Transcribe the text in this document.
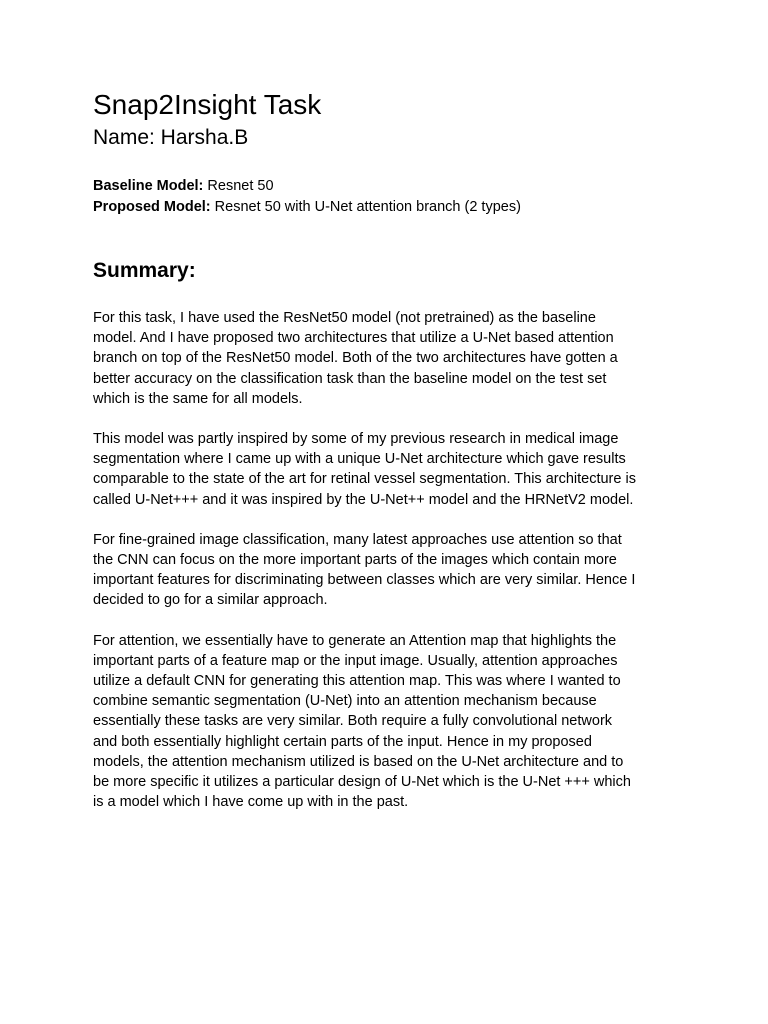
Snap2Insight Task
Name: Harsha.B
Baseline Model: Resnet 50
Proposed Model: Resnet 50 with U-Net attention branch (2 types)
Summary:

For this task, I have used the ResNet50 model (not pretrained) as the baseline
model. And I have proposed two architectures that utilize a U-Net based attention
branch on top of the ResNet50 model. Both of the two architectures have gotten a
better accuracy on the classification task than the baseline model on the test set
which is the same for all models.

This model was partly inspired by some of my previous research in medical image
segmentation where I came up with a unique U-Net architecture which gave results
comparable to the state of the art for retinal vessel segmentation. This architecture is
called U-Net+++ and it was inspired by the U-Net++ model and the HRNetV2 model.

For fine-grained image classification, many latest approaches use attention so that
the CNN can focus on the more important parts of the images which contain more
important features for discriminating between classes which are very similar. Hence I
decided to go for a similar approach.

For attention, we essentially have to generate an Attention map that highlights the
important parts of a feature map or the input image. Usually, attention approaches
utilize a default CNN for generating this attention map. This was where I wanted to
combine semantic segmentation (U-Net) into an attention mechanism because
essentially these tasks are very similar. Both require a fully convolutional network
and both essentially highlight certain parts of the input. Hence in my proposed
models, the attention mechanism utilized is based on the U-Net architecture and to
be more specific it utilizes a particular design of U-Net which is the U-Net +++ which
is a model which I have come up with in the past.
